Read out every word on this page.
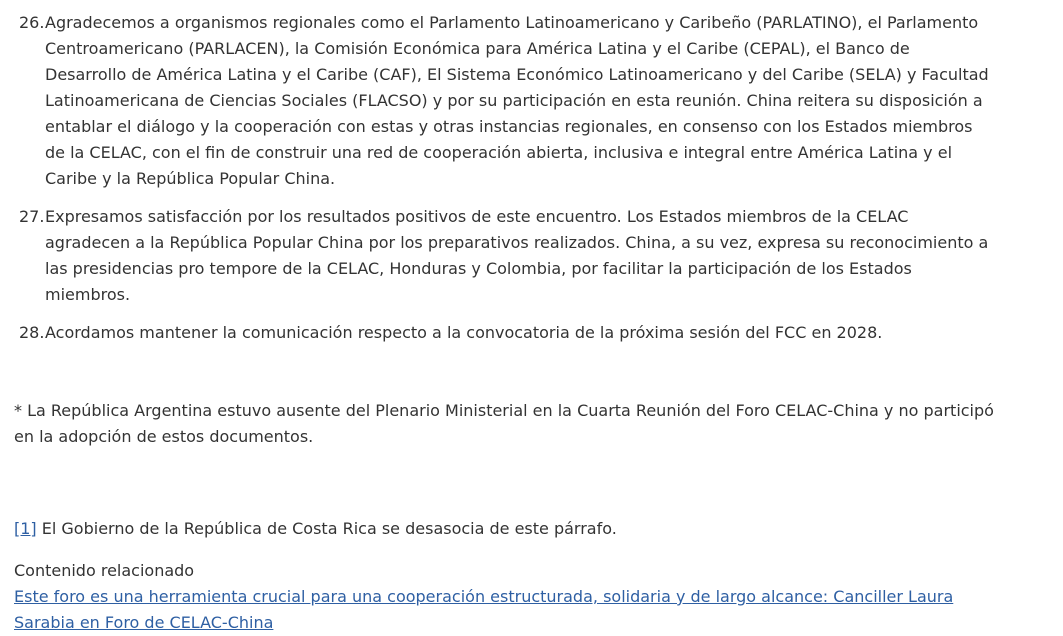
26. Agradecemos a organismos regionales como el Parlamento Latinoamericano y Caribeño (PARLATINO), el Parlamento Centroamericano (PARLACEN), la Comisión Económica para América Latina y el Caribe (CEPAL), el Banco de Desarrollo de América Latina y el Caribe (CAF), El Sistema Económico Latinoamericano y del Caribe (SELA) y Facultad Latinoamericana de Ciencias Sociales (FLACSO) y por su participación en esta reunión. China reitera su disposición a entablar el diálogo y la cooperación con estas y otras instancias regionales, en consenso con los Estados miembros de la CELAC, con el fin de construir una red de cooperación abierta, inclusiva e integral entre América Latina y el Caribe y la República Popular China.
27. Expresamos satisfacción por los resultados positivos de este encuentro. Los Estados miembros de la CELAC agradecen a la República Popular China por los preparativos realizados. China, a su vez, expresa su reconocimiento a las presidencias pro tempore de la CELAC, Honduras y Colombia, por facilitar la participación de los Estados miembros.
28. Acordamos mantener la comunicación respecto a la convocatoria de la próxima sesión del FCC en 2028.
* La República Argentina estuvo ausente del Plenario Ministerial en la Cuarta Reunión del Foro CELAC-China y no participó en la adopción de estos documentos.
[1] El Gobierno de la República de Costa Rica se desasocia de este párrafo.
Contenido relacionado
Este foro es una herramienta crucial para una cooperación estructurada, solidaria y de largo alcance: Canciller Laura Sarabia en Foro de CELAC-China
